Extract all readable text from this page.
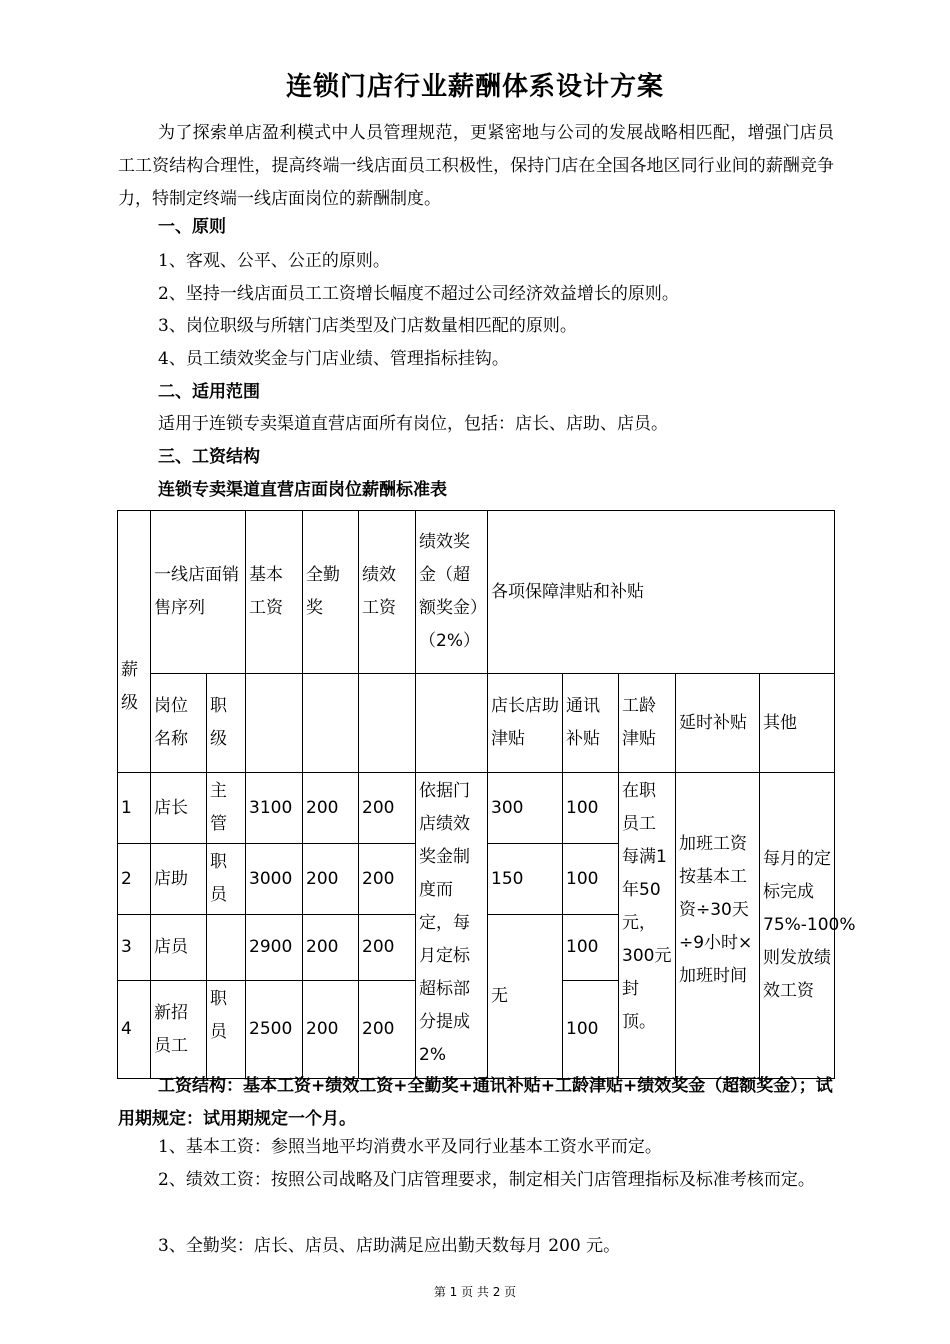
连锁门店行业薪酬体系设计方案
为了探索单店盈利模式中人员管理规范，更紧密地与公司的发展战略相匹配，增强门店员工工资结构合理性，提高终端一线店面员工积极性，保持门店在全国各地区同行业间的薪酬竞争力，特制定终端一线店面岗位的薪酬制度。
一、原则
1、客观、公平、公正的原则。
2、坚持一线店面员工工资增长幅度不超过公司经济效益增长的原则。
3、岗位职级与所辖门店类型及门店数量相匹配的原则。
4、员工绩效奖金与门店业绩、管理指标挂钩。
二、适用范围
适用于连锁专卖渠道直营店面所有岗位，包括：店长、店助、店员。
三、工资结构
连锁专卖渠道直营店面岗位薪酬标准表
薪级	一线店面销售序列		基本工资	全勤奖	绩效工资	绩效奖金（超额奖金）（2%）	各项保障津贴和补贴				
	岗位名称	职级					店长店助津贴	通讯补贴	工龄津贴	延时补贴	其他
1	店长	主管	3100	200	200	依据门店绩效奖金制度而定，每月定标超标部分提成2%	300	100	在职员工每满1年50元，300元封顶。	加班工资按基本工资÷30天÷9小时×加班时间	每月的定标完成75%-100%则发放绩效工资
2	店助	职员	3000	200	200		150	100			
3	店员		2900	200	200		无	100			
4	新招员工	职员	2500	200	200			100			
工资结构：基本工资+绩效工资+全勤奖+通讯补贴+工龄津贴+绩效奖金（超额奖金）；试用期规定：试用期规定一个月。
1、基本工资：参照当地平均消费水平及同行业基本工资水平而定。
2、绩效工资：按照公司战略及门店管理要求，制定相关门店管理指标及标准考核而定。
3、全勤奖：店长、店员、店助满足应出勤天数每月 200 元。
第 1 页 共 2 页
